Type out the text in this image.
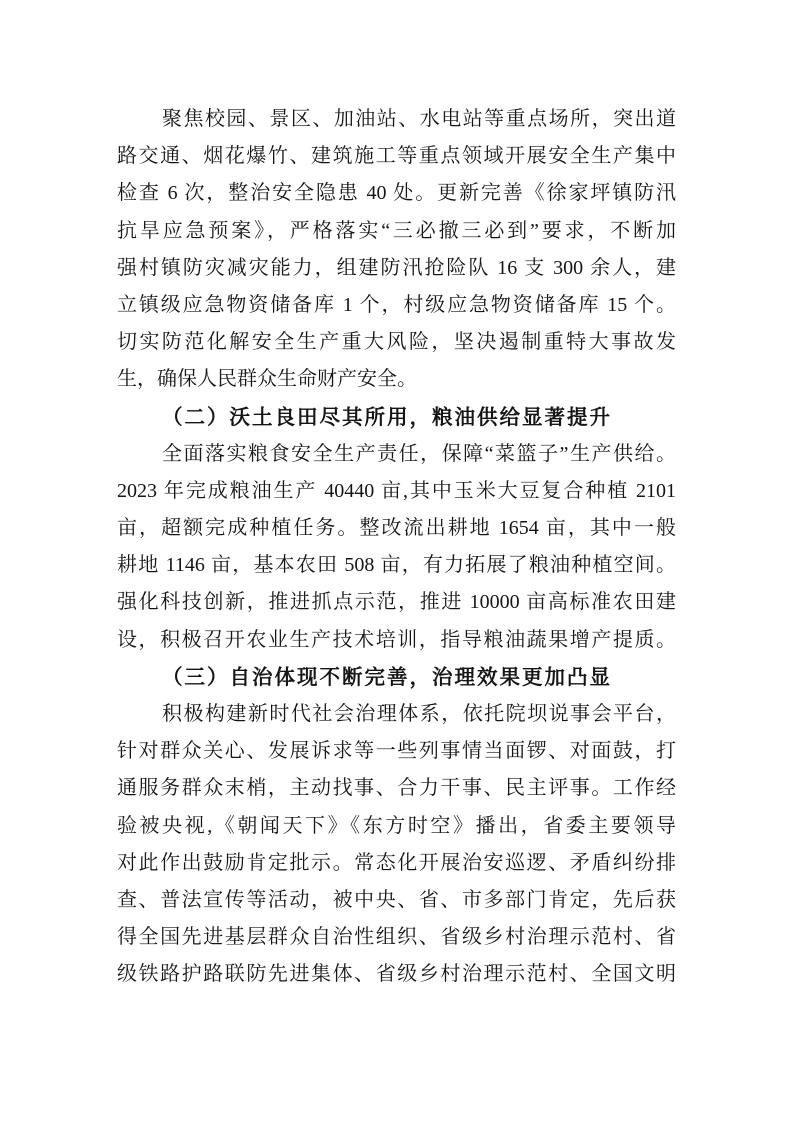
聚焦校园、景区、加油站、水电站等重点场所，突出道
路交通、烟花爆竹、建筑施工等重点领域开展安全生产集中
检查 6 次，整治安全隐患 40 处。更新完善《徐家坪镇防汛
抗旱应急预案》，严格落实“三必撤三必到”要求，不断加
强村镇防灾减灾能力，组建防汛抢险队 16 支 300 余人，建
立镇级应急物资储备库 1 个，村级应急物资储备库 15 个。
切实防范化解安全生产重大风险，坚决遏制重特大事故发
生，确保人民群众生命财产安全。
（二）沃土良田尽其所用，粮油供给显著提升
全面落实粮食安全生产责任，保障“菜篮子”生产供给。
2023 年完成粮油生产 40440 亩,其中玉米大豆复合种植 2101
亩，超额完成种植任务。整改流出耕地 1654 亩，其中一般
耕地 1146 亩，基本农田 508 亩，有力拓展了粮油种植空间。
强化科技创新，推进抓点示范，推进 10000 亩高标准农田建
设，积极召开农业生产技术培训，指导粮油蔬果增产提质。
（三）自治体现不断完善，治理效果更加凸显
积极构建新时代社会治理体系，依托院坝说事会平台，
针对群众关心、发展诉求等一些列事情当面锣、对面鼓，打
通服务群众末梢，主动找事、合力干事、民主评事。工作经
验被央视,《朝闻天下》《东方时空》播出，省委主要领导
对此作出鼓励肯定批示。常态化开展治安巡逻、矛盾纠纷排
查、普法宣传等活动，被中央、省、市多部门肯定，先后获
得全国先进基层群众自治性组织、省级乡村治理示范村、省
级铁路护路联防先进集体、省级乡村治理示范村、全国文明
